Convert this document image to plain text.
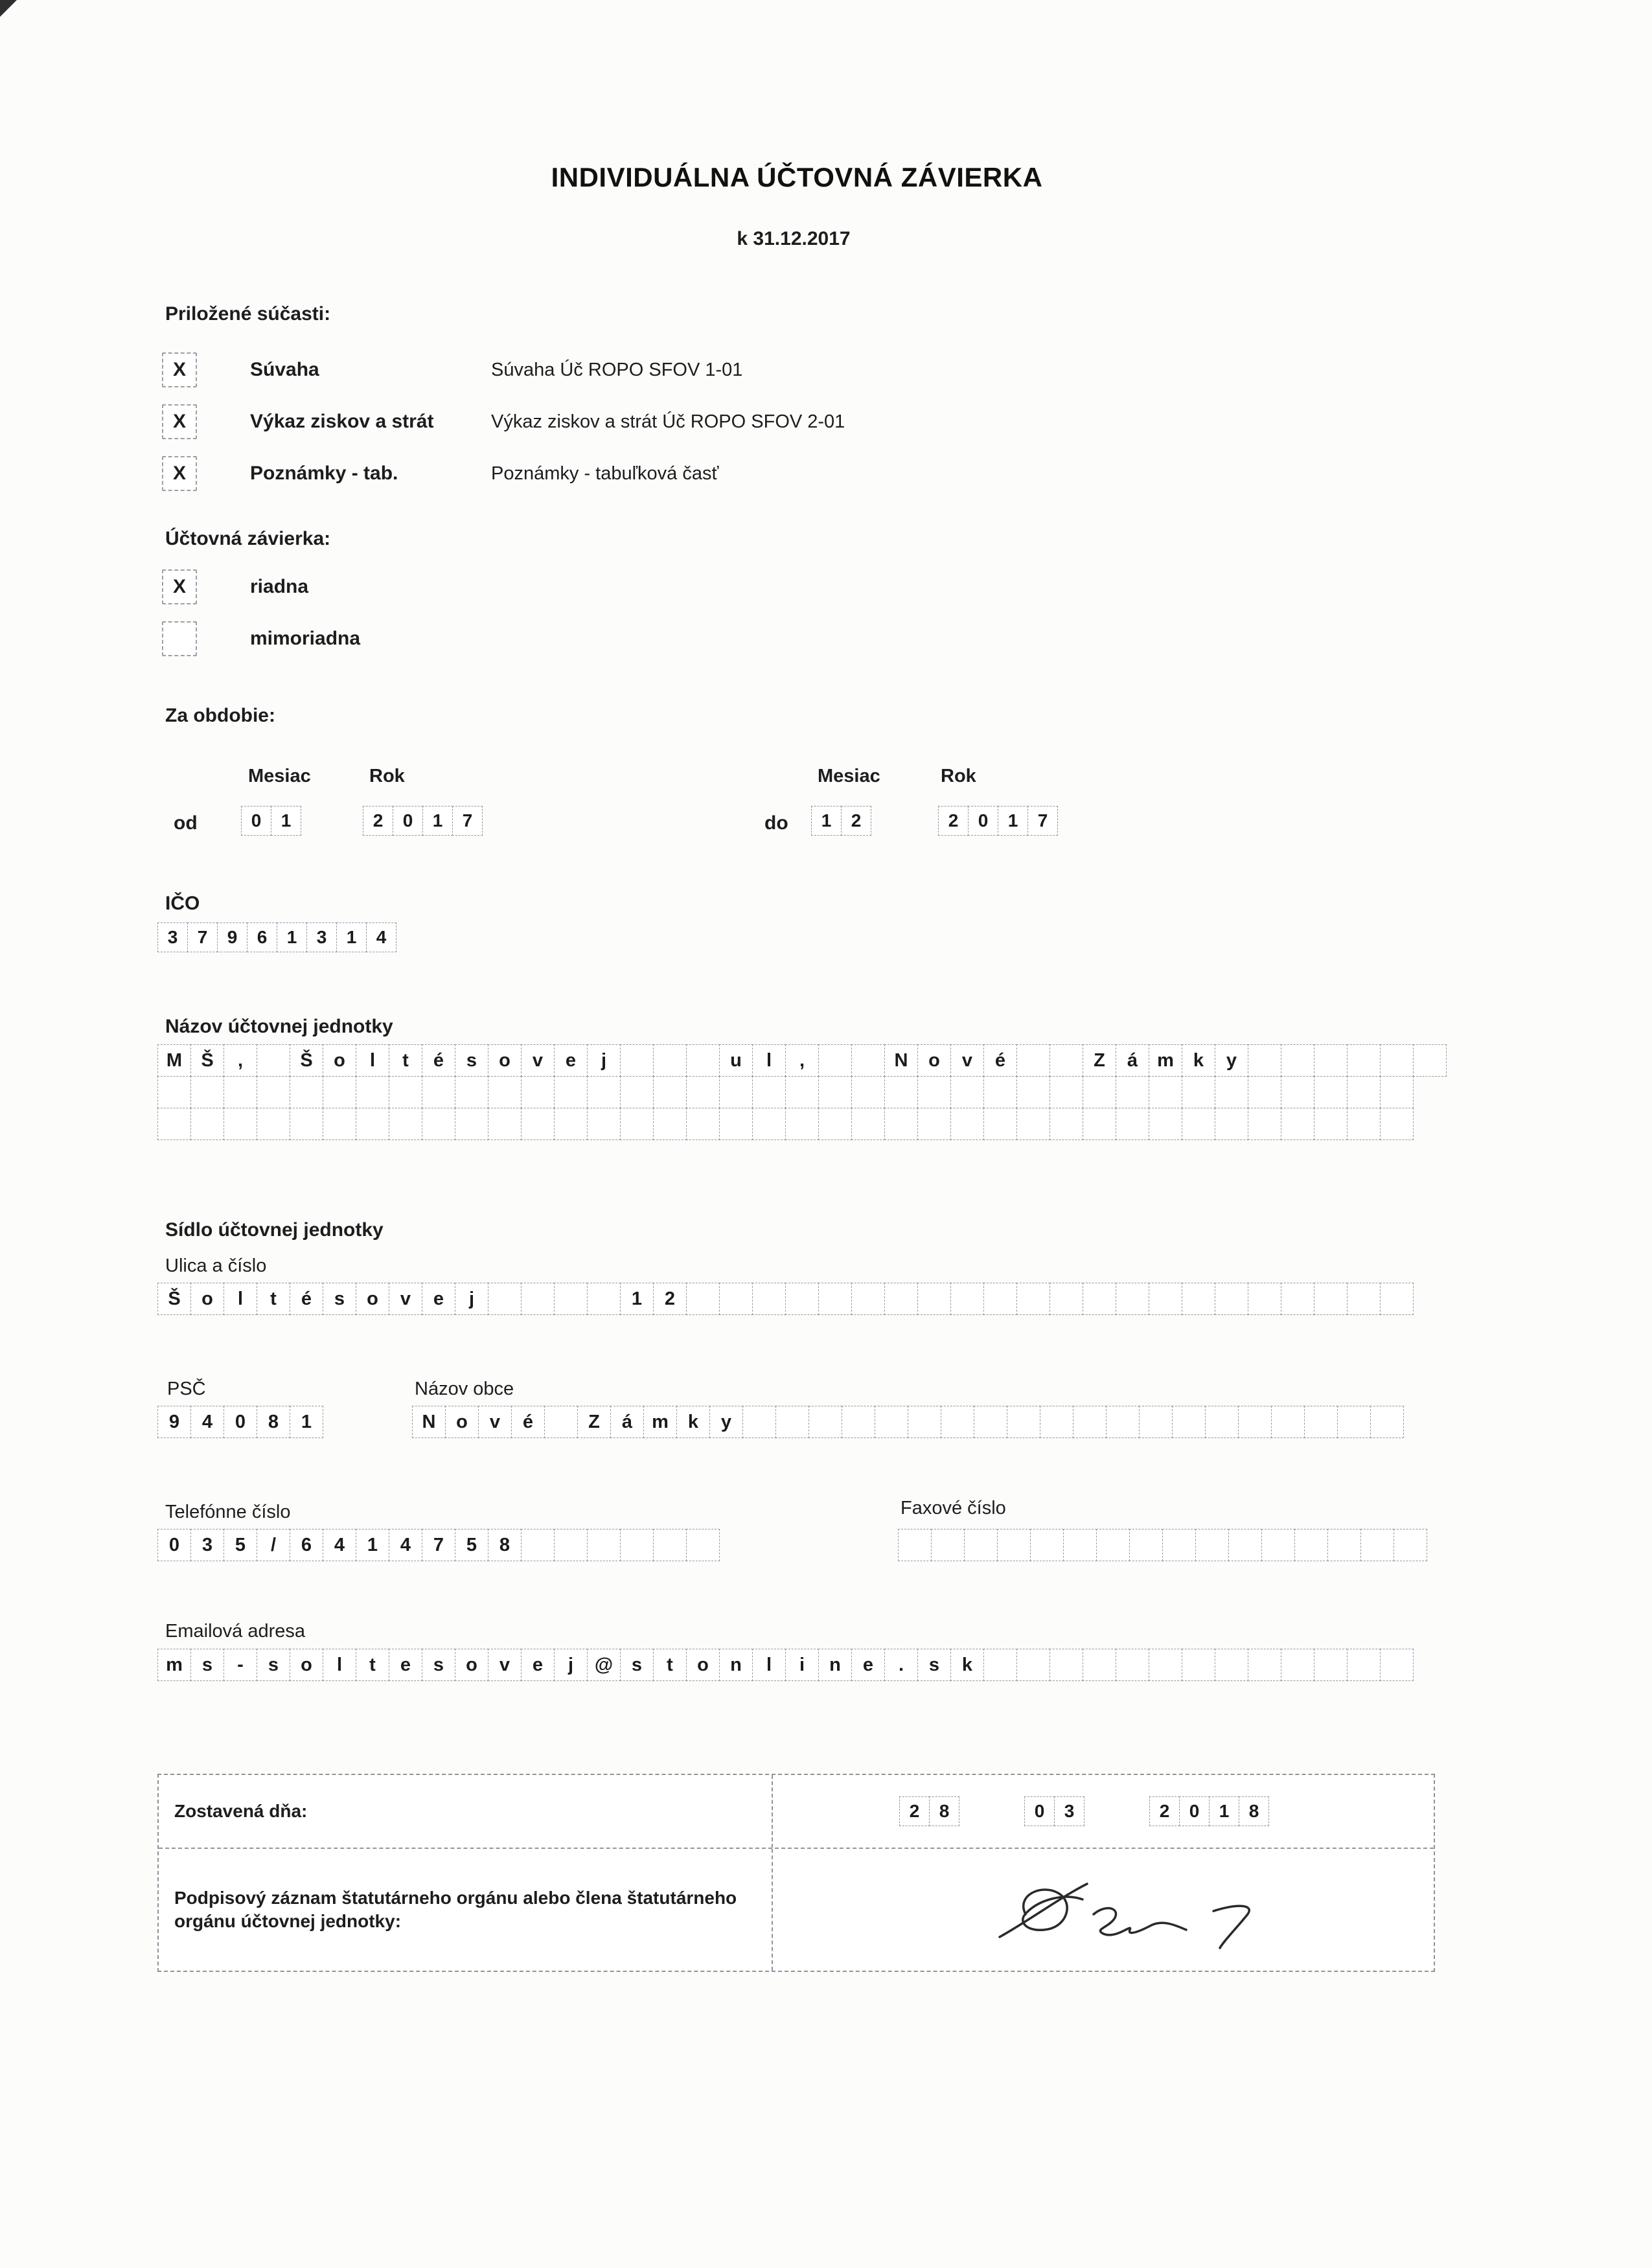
INDIVIDUÁLNA ÚČTOVNÁ ZÁVIERKA
k 31.12.2017
Priložené súčasti:
X	Súvaha	Súvaha Úč ROPO SFOV 1-01
X	Výkaz ziskov a strát	Výkaz ziskov a strát Úč ROPO SFOV 2-01
X	Poznámky - tab.	Poznámky - tabuľková časť
Účtovná závierka:
X	riadna
mimoriadna
Za obdobie:
Mesiac	Rok	Mesiac	Rok
od	0	1	2	0	1	7	do	1	2	2	0	1	7
IČO
3	7	9	6	1	3	1	4
Názov účtovnej jednotky
M	Š	,	Š	o	l	t	é	s	o	v	e	j	u	l	,	N	o	v	é	Z	á	m	k	y
Sídlo účtovnej jednotky
Ulica a číslo
Š	o	l	t	é	s	o	v	e	j	1	2
PSČ
9	4	0	8	1
Názov obce
N	o	v	é	Z	á	m	k	y
Telefónne číslo
0	3	5	/	6	4	1	4	7	5	8
Faxové číslo
Emailová adresa
m	s	-	s	o	l	t	e	s	o	v	e	j	@ s	t	o	n	l	i	n	e	.	s	k
Zostavená dňa:	2	8	0	3	2	0	1	8
Podpisový záznam štatutárneho orgánu alebo člena štatutárneho orgánu účtovnej jednotky:
